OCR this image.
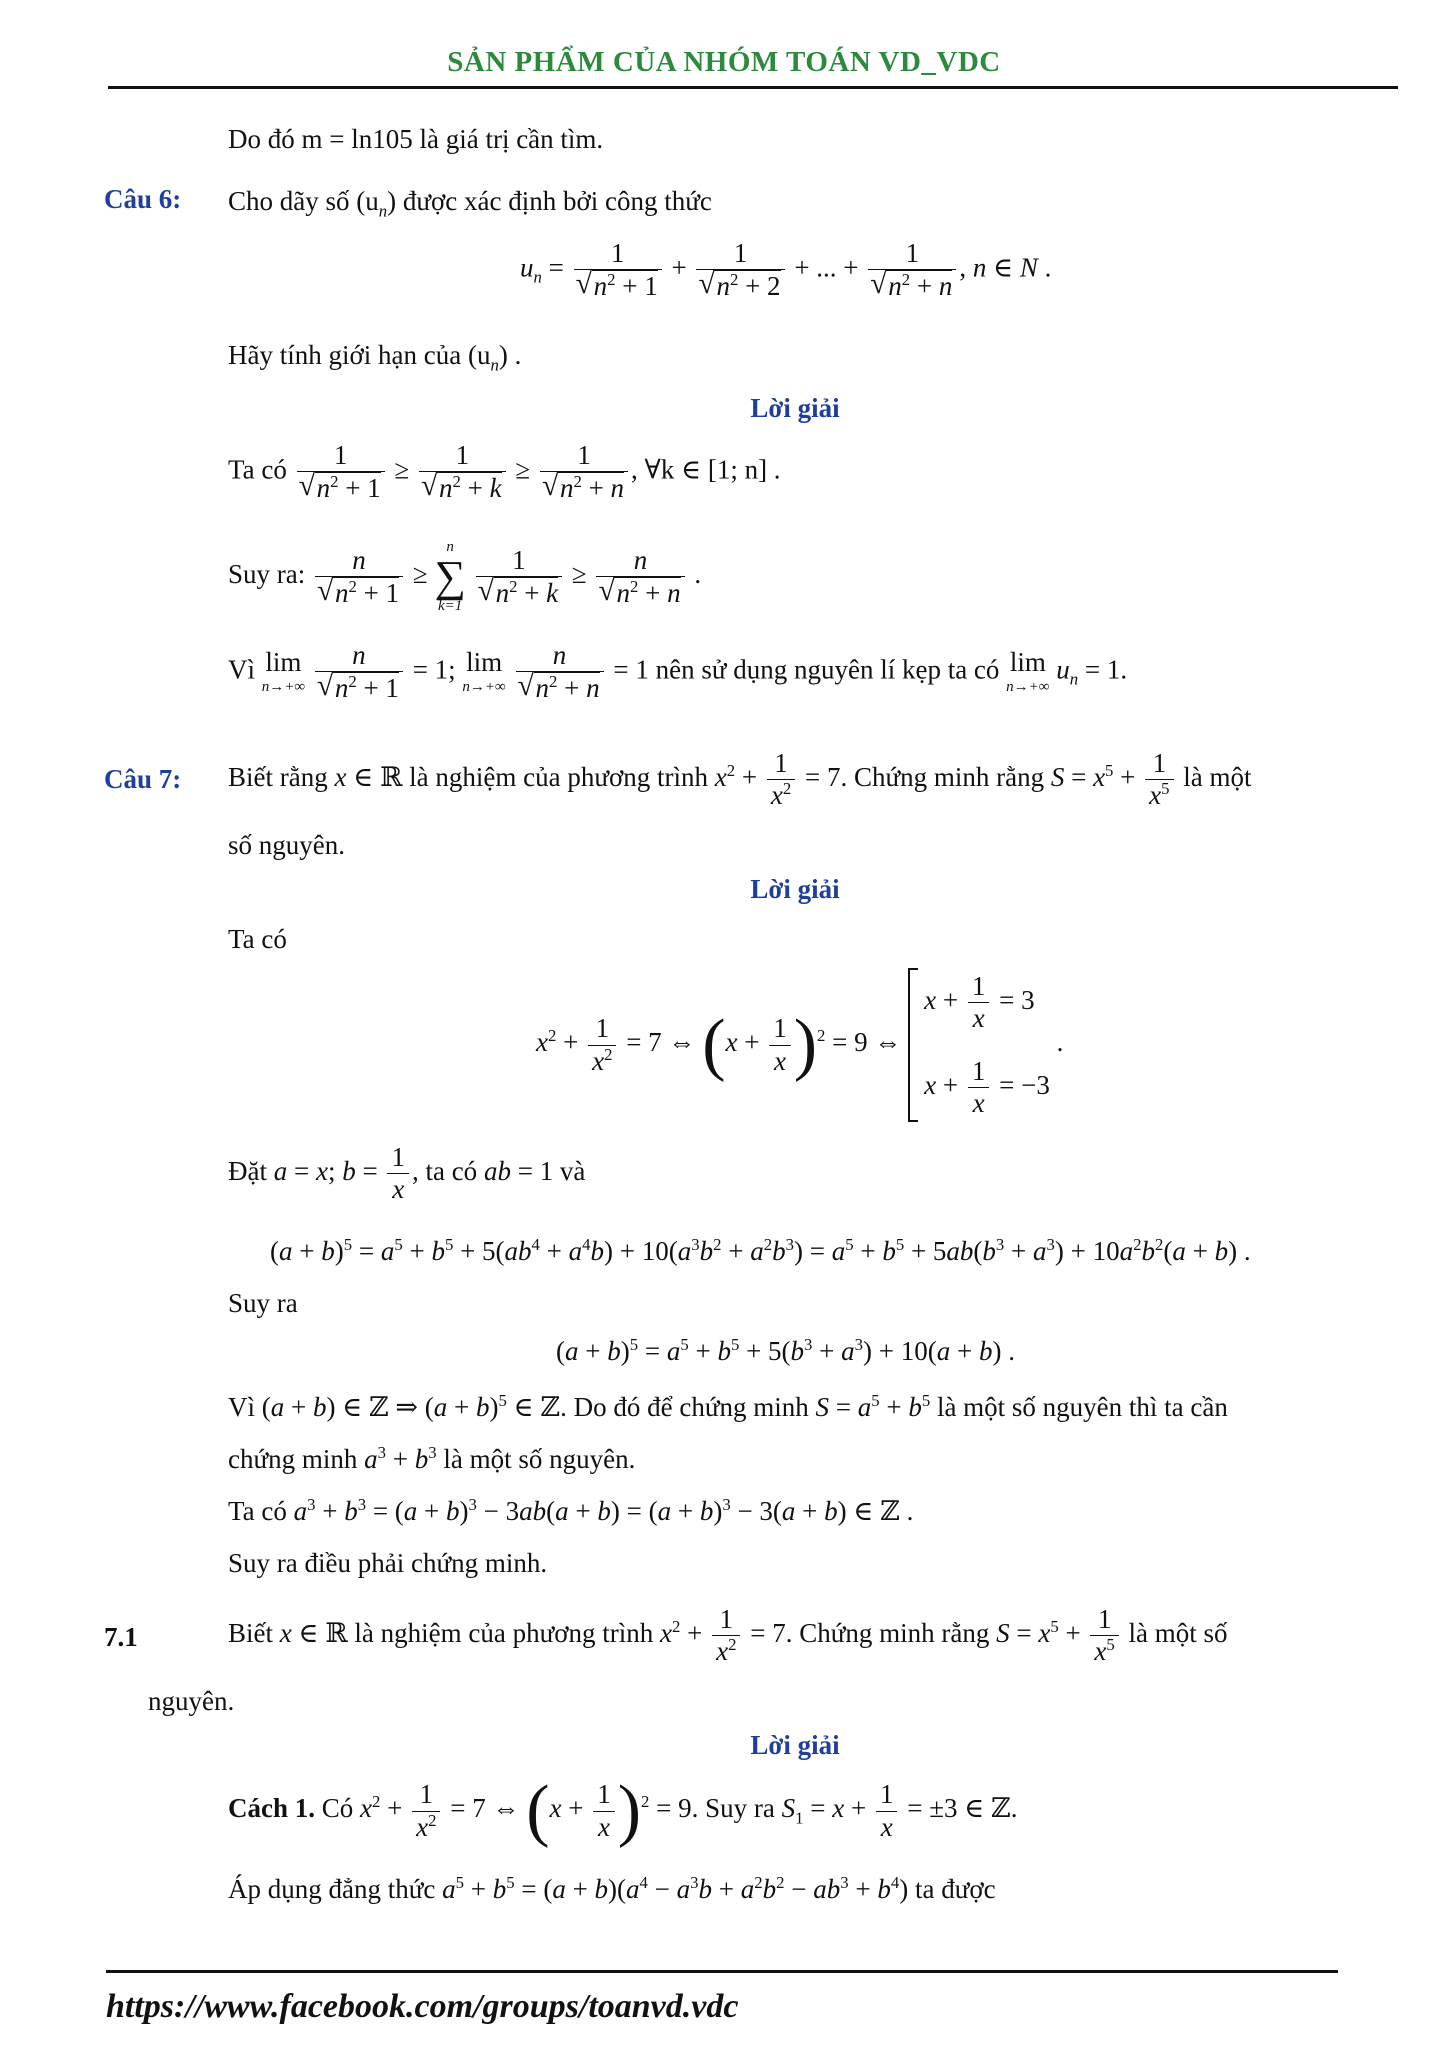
SẢN PHẨM CỦA NHÓM TOÁN VD_VDC
Do đó m = ln105 là giá trị cần tìm.
Câu 6: Cho dãy số $(u_n)$ được xác định bởi công thức
$u_n = 1$
√ $n^2 + 1 + 1$
√ $n^2 + 2$ + ... + 1
√ $n^2 + n$ , n ∈ N .
Hãy tính giới hạn của $(u_n)$ .
Lời giải
Ta có 1
√ $n^2 + 1 \ge 1$
√ $n^2 + k \ge 1$
√ $n^2 + n$ , ∀k ∈ [1; n] .
Suy ra: n
√ $n^2 + 1$ ≥
n
∑
k=1
1
√ $n^2 + k \ge n$
√ $n^2 + n$ .
Vì lim
n→+∞
n
√ $n^2 + 1 = 1$; lim
n→+∞
n
√ $n^2 + n = 1$ nên sử dụng nguyên lí kẹp ta có lim
n→+∞
$u_n = 1$.
Câu 7: Biết rằng x ∈ ℝ là nghiệm của phương trình $x^2 + \frac{1}{x^2} = 7$. Chứng minh rằng $S = x^5 + \frac{1}{x^5}$ là một
số nguyên.
Lời giải
Ta có
$x^2 + \frac{1}{x^2} = 7$ ⇔ $(x + \frac{1}{x} )^2 = 9$ ⇔
$x + \frac{1}{x} = 3$
$x + \frac{1}{x} = -3$
.
Đặt a = x; $b = \frac{1}{x}$ , ta có ab = 1 và
$(a + b)^5 = a^5 + b^5 + 5(ab^4 + a^4b) + 10(a^3b^2 + a^2b^3) = a^5 + b^5 + 5ab(b^3 + a^3) + 10a^2b^2(a + b)$ .
Suy ra
$(a + b)^5 = a^5 + b^5 + 5(b^3 + a^3) + 10(a + b)$ .
Vì (a + b) ∈ ℤ ⇒ $(a + b)^5$ ∈ ℤ. Do đó để chứng minh $S = a^5 + b^5$ là một số nguyên thì ta cần
chứng minh $a^3 + b^3$ là một số nguyên.
Ta có $a^3 + b^3 = (a + b)^3 - 3ab(a + b) = (a + b)^3 - 3(a + b)$ ∈ ℤ .
Suy ra điều phải chứng minh.
7.1	Biết x ∈ ℝ là nghiệm của phương trình $x^2 + \frac{1}{x^2} = 7$. Chứng minh rằng $S = x^5 + \frac{1}{x^5}$ là một số
nguyên.
Lời giải
Cách 1. Có $x^2 + \frac{1}{x^2} = 7$ ⇔ $(x + \frac{1}{x} )^2 = 9$. Suy ra $S_1 = x + \frac{1}{x} = \pm 3$ ∈ ℤ.
Áp dụng đẳng thức $a^5 + b^5 = (a + b)(a^4 - a^3b + a^2b^2 - ab^3 + b^4)$ ta được
https://www.facebook.com/groups/toanvd.vdc
